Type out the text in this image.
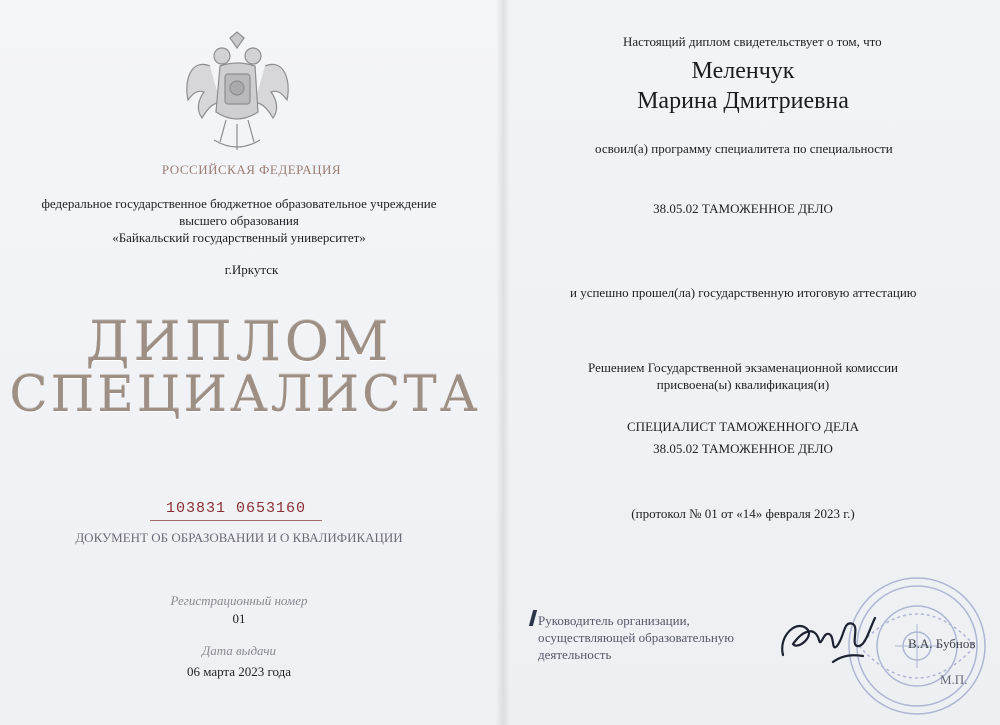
РОССИЙСКАЯ ФЕДЕРАЦИЯ
федеральное государственное бюджетное образовательное учреждение
высшего образования
«Байкальский государственный университет»
г.Иркутск
ДИПЛОМ
СПЕЦИАЛИСТА
103831 0653160
ДОКУМЕНТ ОБ ОБРАЗОВАНИИ И О КВАЛИФИКАЦИИ
Регистрационный номер
01
Дата выдачи
06 марта 2023 года
Настоящий диплом свидетельствует о том, что
Меленчук
Марина Дмитриевна
освоил(а) программу специалитета по специальности
38.05.02 ТАМОЖЕННОЕ ДЕЛО
и успешно прошел(ла) государственную итоговую аттестацию
Решением Государственной экзаменационной комиссии
присвоена(ы) квалификация(и)
СПЕЦИАЛИСТ ТАМОЖЕННОГО ДЕЛА
38.05.02 ТАМОЖЕННОЕ ДЕЛО
(протокол № 01 от «14» февраля 2023 г.)
Руководитель организации,
осуществляющей образовательную
деятельность
В.А. Бубнов
М.П.
